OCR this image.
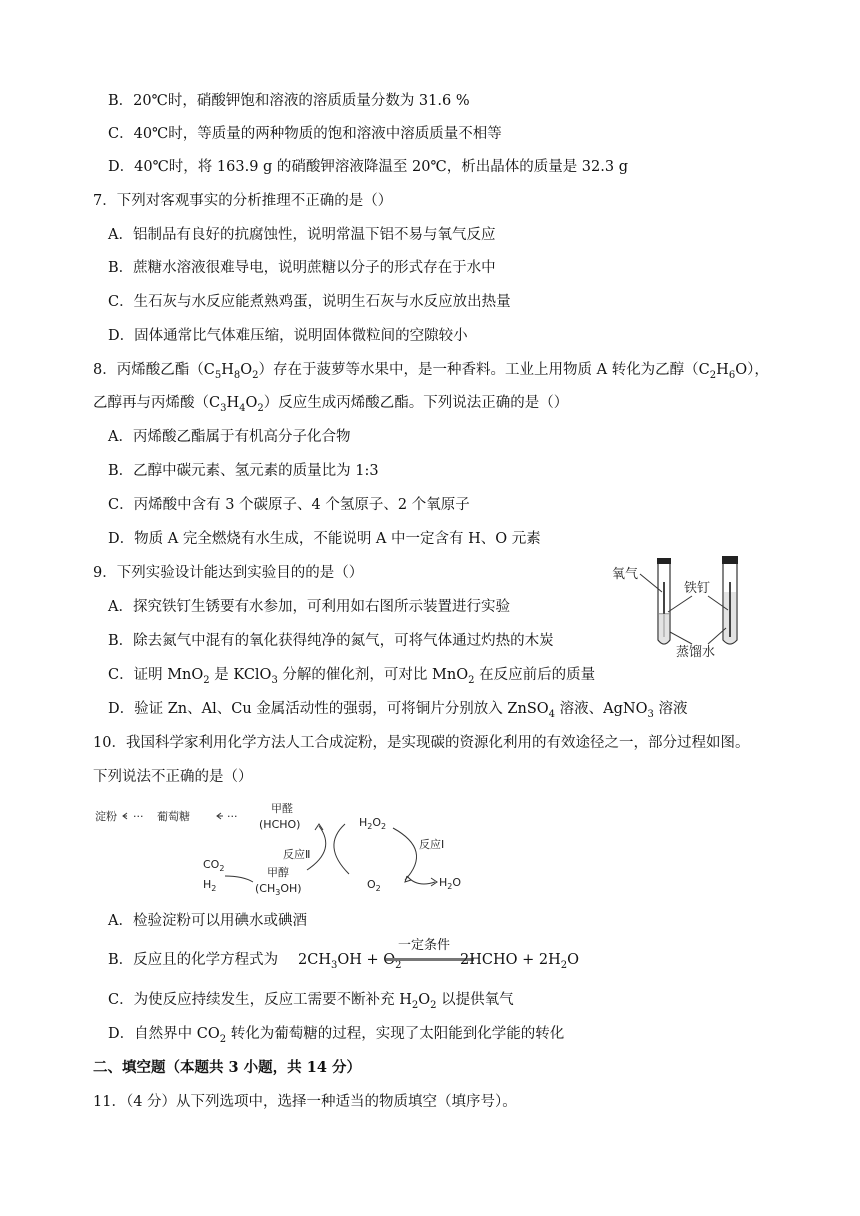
B．20℃时，硝酸钾饱和溶液的溶质质量分数为 31.6 %
C．40℃时，等质量的两种物质的饱和溶液中溶质质量不相等
D．40℃时，将 163.9 g 的硝酸钾溶液降温至 20℃，析出晶体的质量是 32.3 g
7．下列对客观事实的分析推理不正确的是（）
A．铝制品有良好的抗腐蚀性，说明常温下铝不易与氧气反应
B．蔗糖水溶液很难导电，说明蔗糖以分子的形式存在于水中
C．生石灰与水反应能煮熟鸡蛋，说明生石灰与水反应放出热量
D．固体通常比气体难压缩，说明固体微粒间的空隙较小
8．丙烯酸乙酯$(C_5H_8O_2)$存在于菠萝等水果中，是一种香料。工业上用物质 A 转化为乙醇$(C_2H_6O)$，
乙醇再与丙烯酸$(C_3H_4O_2)$反应生成丙烯酸乙酯。下列说法正确的是（）
A．丙烯酸乙酯属于有机高分子化合物
B．乙醇中碳元素、氢元素的质量比为 1:3
C．丙烯酸中含有 3 个碳原子、4 个氢原子、2 个氧原子
D．物质 A 完全燃烧有水生成，不能说明 A 中一定含有 H、O 元素
9．下列实验设计能达到实验目的的是（）
A．探究铁钉生锈要有水参加，可利用如右图所示装置进行实验
B．除去氮气中混有的氧化获得纯净的氮气，可将气体通过灼热的木炭
C．证明 MnO$_2$ 是 KClO$_3$ 分解的催化剂，可对比 MnO$_2$ 在反应前后的质量
D．验证 Zn、Al、Cu 金属活动性的强弱，可将铜片分别放入 ZnSO$_4$ 溶液、AgNO$_3$ 溶液
氧气
铁钉
蒸馏水
10．我国科学家利用化学方法人工合成淀粉，是实现碳的资源化利用的有效途径之一，部分过程如图。
下列说法不正确的是（）
淀粉	葡萄糖	···
···
甲醛
(HCHO)
反应Ⅱ
甲醇
$(CH_3OH)$
$CO_2$
$H_2$
$H_2O_2$
反应Ⅰ
$O_2$	$H_2O$
A．检验淀粉可以用碘水或碘酒
B．反应且的化学方程式为 $2CH_3OH + O_2$
一定条件
2HCHO + $2H_2O$
C．为使反应持续发生，反应工需要不断补充 $H_2O_2$ 以提供氧气
D．自然界中 $CO_2$ 转化为葡萄糖的过程，实现了太阳能到化学能的转化
二、填空题（本题共 3 小题，共 14 分）
11．（4 分）从下列选项中，选择一种适当的物质填空（填序号）。
